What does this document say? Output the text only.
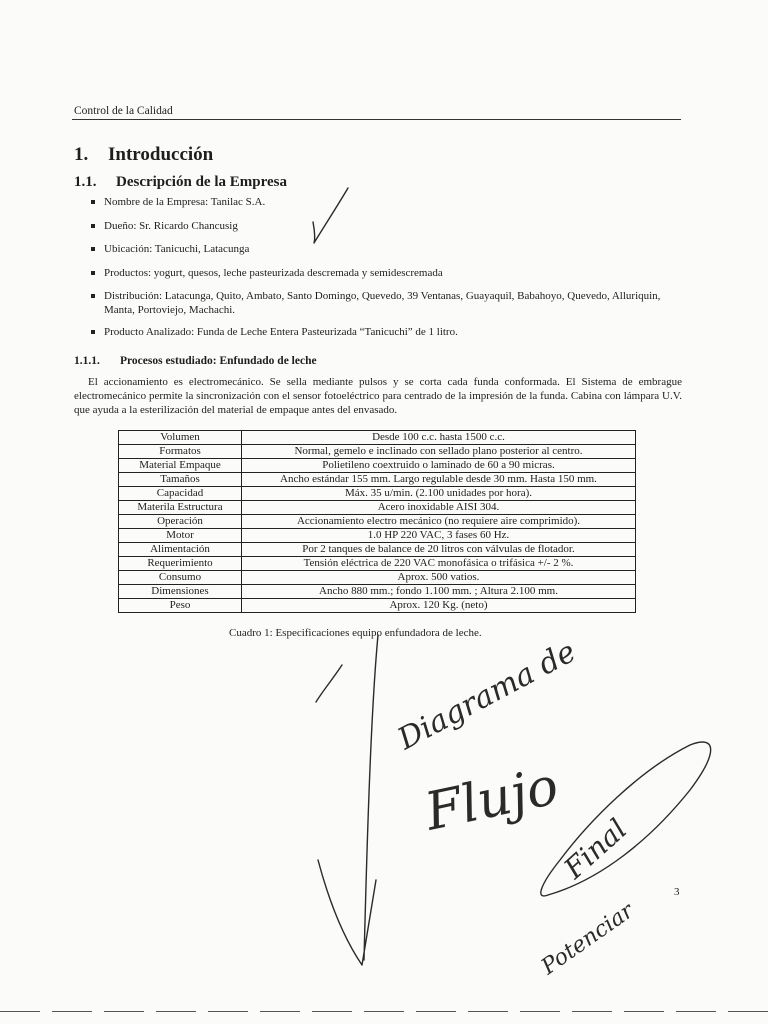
Control de la Calidad
1. Introducción
1.1. Descripción de la Empresa
Nombre de la Empresa: Tanilac S.A.
Dueño: Sr. Ricardo Chancusig
Ubicación: Tanicuchi, Latacunga
Productos: yogurt, quesos, leche pasteurizada descremada y semidescremada
Distribución: Latacunga, Quito, Ambato, Santo Domingo, Quevedo, 39 Ventanas, Guayaquil, Babahoyo, Quevedo, Alluriquin, Manta, Portoviejo, Machachi.
Producto Analizado: Funda de Leche Entera Pasteurizada “Tanicuchi” de 1 litro.
1.1.1. Procesos estudiado: Enfundado de leche
El accionamiento es electromecánico. Se sella mediante pulsos y se corta cada funda conformada. El Sistema de embrague electromecánico permite la sincronización con el sensor fotoeléctrico para centrado de la impresión de la funda. Cabina con lámpara U.V. que ayuda a la esterilización del material de empaque antes del envasado.
Volumen	Desde 100 c.c. hasta 1500 c.c.
Formatos	Normal, gemelo e inclinado con sellado plano posterior al centro.
Material Empaque	Polietileno coextruido o laminado de 60 a 90 micras.
Tamaños	Ancho estándar 155 mm. Largo regulable desde 30 mm. Hasta 150 mm.
Capacidad	Máx. 35 u/min. (2.100 unidades por hora).
Materila Estructura	Acero inoxidable AISI 304.
Operación	Accionamiento electro mecánico (no requiere aire comprimido).
Motor	1.0 HP 220 VAC, 3 fases 60 Hz.
Alimentación	Por 2 tanques de balance de 20 litros con válvulas de flotador.
Requerimiento	Tensión eléctrica de 220 VAC monofásica o trifásica +/- 2 %.
Consumo	Aprox. 500 vatios.
Dimensiones	Ancho 880 mm.; fondo 1.100 mm. ; Altura 2.100 mm.
Peso	Aprox. 120 Kg. (neto)
Cuadro 1: Especificaciones equipo enfundadora de leche.
3
Diagrama de
Flujo
Final
Potenciar
